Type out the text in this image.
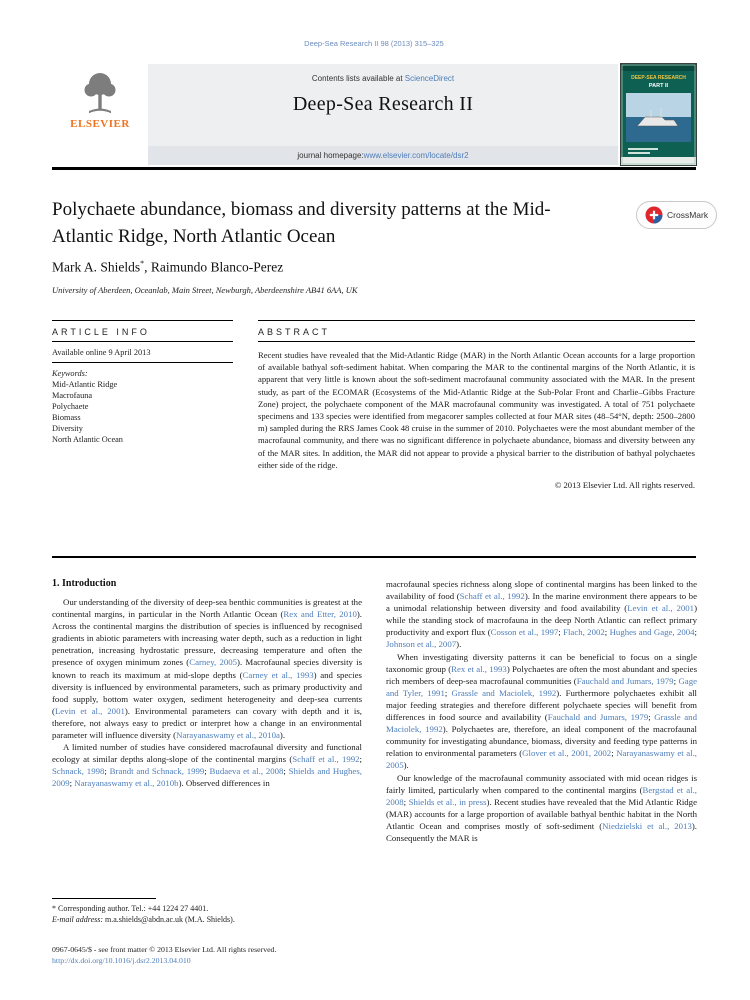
Deep-Sea Research II 98 (2013) 315–325
ELSEVIER
Contents lists available at ScienceDirect
Deep-Sea Research II
journal homepage: www.elsevier.com/locate/dsr2
DEEP-SEA RESEARCH
PART II
Polychaete abundance, biomass and diversity patterns at the Mid-Atlantic Ridge, North Atlantic Ocean
CrossMark
Mark A. Shields*, Raimundo Blanco-Perez
University of Aberdeen, Oceanlab, Main Street, Newburgh, Aberdeenshire AB41 6AA, UK
ARTICLE INFO	ABSTRACT
Available online 9 April 2013
Keywords:
Mid-Atlantic Ridge
Macrofauna
Polychaete
Biomass
Diversity
North Atlantic Ocean
Recent studies have revealed that the Mid-Atlantic Ridge (MAR) in the North Atlantic Ocean accounts for a large proportion of available bathyal soft-sediment habitat. When comparing the MAR to the continental margins of the North Atlantic, it is apparent that very little is known about the soft-sediment macrofaunal community associated with the MAR. In the present study, as part of the ECOMAR (Ecosystems of the Mid-Atlantic Ridge at the Sub-Polar Front and Charlie–Gibbs Fracture Zone) project, the polychaete component of the MAR macrofaunal community was investigated. A total of 751 polychaete specimens and 133 species were identified from megacorer samples collected at four MAR sites (48–54°N, depth: 2500–2800 m) sampled during the RRS James Cook 48 cruise in the summer of 2010. Polychaetes were the most abundant member of the macrofaunal community, and there was no significant difference in polychaete abundance, biomass and diversity between any of the MAR sites. In addition, the MAR did not appear to provide a physical barrier to the distribution of bathyal polychaetes either side of the ridge.
© 2013 Elsevier Ltd. All rights reserved.
1. Introduction

Our understanding of the diversity of deep-sea benthic communities is greatest at the continental margins, in particular in the North Atlantic Ocean (Rex and Etter, 2010). Across the continental margins the distribution of species is influenced by recognised gradients in abiotic parameters with increasing water depth, such as a reduction in light penetration, increasing hydrostatic pressure, decreasing temperature and often the presence of oxygen minimum zones (Carney, 2005). Macrofaunal species diversity is known to reach its maximum at mid-slope depths (Carney et al., 1993) and species diversity is influenced by environmental parameters, such as primary productivity and food supply, bottom water oxygen, sediment heterogeneity and deep-sea currents (Levin et al., 2001). Environmental parameters can covary with depth and it is, therefore, not always easy to predict or interpret how a change in an environmental parameter will influence diversity (Narayanaswamy et al., 2010a).

A limited number of studies have considered macrofaunal diversity and functional ecology at similar depths along-slope of the continental margins (Schaff et al., 1992; Schnack, 1998; Brandt and Schnack, 1999; Budaeva et al., 2008; Shields and Hughes, 2009; Narayanaswamy et al., 2010b). Observed differences in

macrofaunal species richness along slope of continental margins has been linked to the availability of food (Schaff et al., 1992). In the marine environment there appears to be a unimodal relationship between diversity and food availability (Levin et al., 2001) while the standing stock of macrofauna in the deep North Atlantic can reflect primary productivity and export flux (Cosson et al., 1997; Flach, 2002; Hughes and Gage, 2004; Johnson et al., 2007).

When investigating diversity patterns it can be beneficial to focus on a single taxonomic group (Rex et al., 1993) Polychaetes are often the most abundant and species rich members of deep-sea macrofaunal communities (Fauchald and Jumars, 1979; Gage and Tyler, 1991; Grassle and Maciolek, 1992). Furthermore polychaetes exhibit all major feeding strategies and therefore different polychaete species will benefit from differences in food source and availability (Fauchald and Jumars, 1979; Grassle and Maciolek, 1992). Polychaetes are, therefore, an ideal component of the macrofaunal community for investigating abundance, biomass, diversity and feeding type patterns in relation to environmental parameters (Glover et al., 2001, 2002; Narayanaswamy et al., 2005).

Our knowledge of the macrofaunal community associated with mid ocean ridges is fairly limited, particularly when compared to the continental margins (Bergstad et al., 2008; Shields et al., in press). Recent studies have revealed that the Mid Atlantic Ridge (MAR) accounts for a large proportion of available bathyal benthic habitat in the North Atlantic Ocean and comprises mostly of soft-sediment (Niedzielski et al., 2013). Consequently the MAR is

* Corresponding author. Tel.: +44 1224 27 4401.
E-mail address: m.a.shields@abdn.ac.uk (M.A. Shields).
0967-0645/$ - see front matter © 2013 Elsevier Ltd. All rights reserved.
http://dx.doi.org/10.1016/j.dsr2.2013.04.010
